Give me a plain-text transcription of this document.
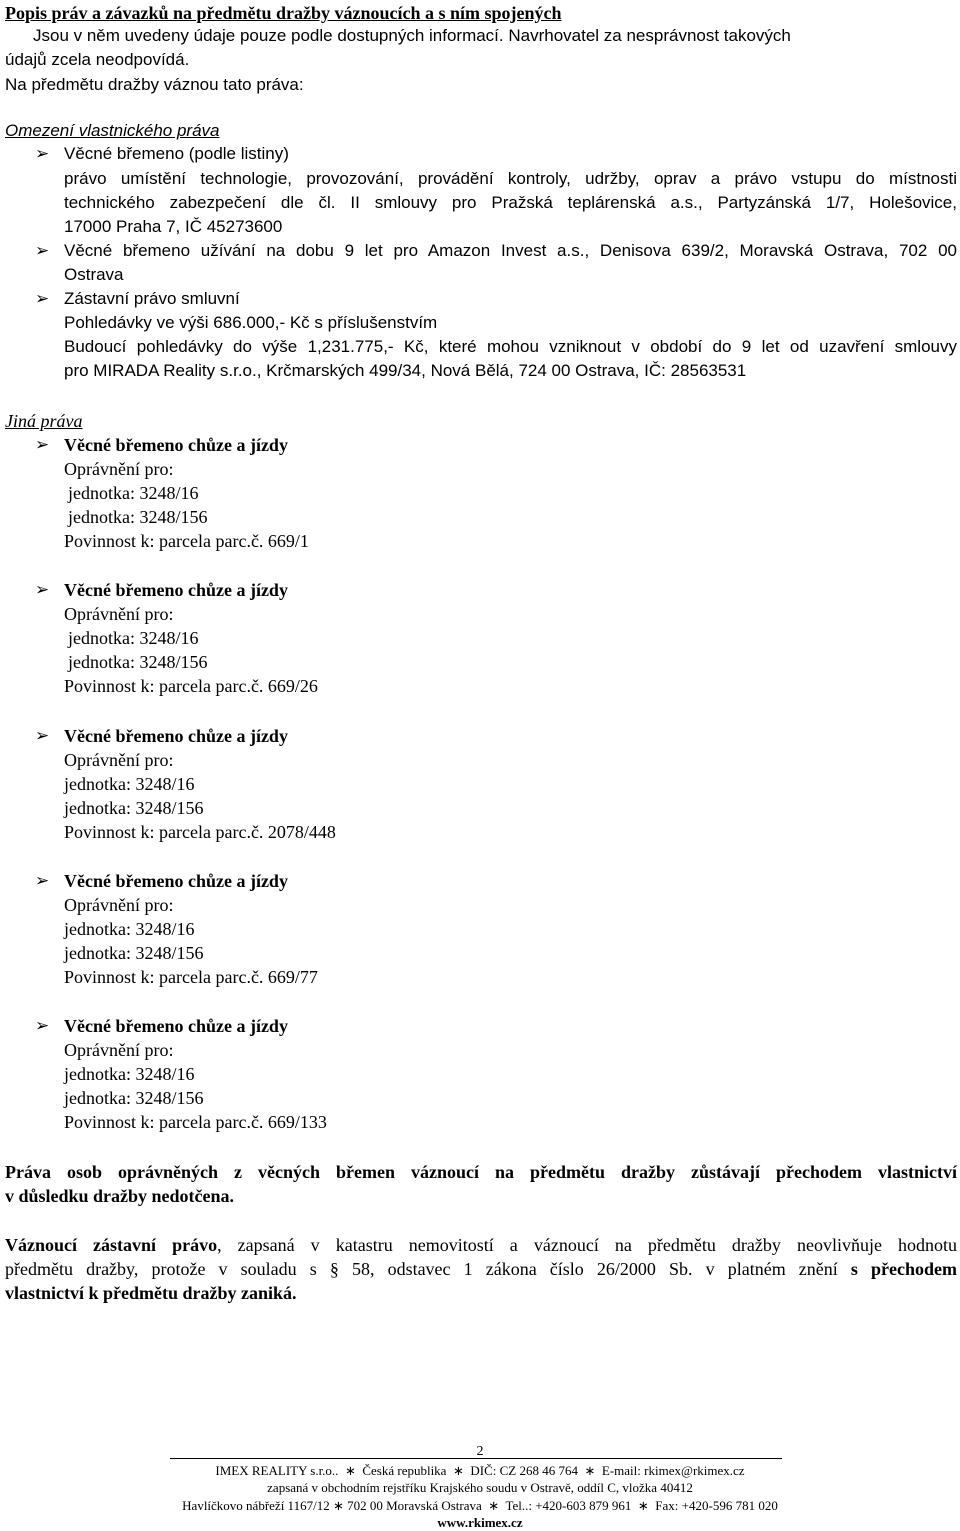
Popis práv a závazků na předmětu dražby váznoucích a s ním spojených
Jsou v něm uvedeny údaje pouze podle dostupných informací. Navrhovatel za nesprávnost takových
údajů zcela neodpovídá.
Na předmětu dražby váznou tato práva:
Omezení vlastnického práva
➢ Věcné břemeno (podle listiny)
právo umístění technologie, provozování, provádění kontroly, udržby, oprav a právo vstupu do místnosti
technického zabezpečení dle čl. II smlouvy pro Pražská teplárenská a.s., Partyzánská 1/7, Holešovice,
17000 Praha 7, IČ 45273600
➢ Věcné břemeno užívání na dobu 9 let pro Amazon Invest a.s., Denisova 639/2, Moravská Ostrava, 702 00
Ostrava
➢ Zástavní právo smluvní
Pohledávky ve výši 686.000,- Kč s příslušenstvím
Budoucí pohledávky do výše 1,231.775,- Kč, které mohou vzniknout v období do 9 let od uzavření smlouvy
pro MIRADA Reality s.r.o., Krčmarských 499/34, Nová Bělá, 724 00 Ostrava, IČ: 28563531
Jiná práva
➢ Věcné břemeno chůze a jízdy
Oprávnění pro:
jednotka: 3248/16
jednotka: 3248/156
Povinnost k: parcela parc.č. 669/1
➢ Věcné břemeno chůze a jízdy
Oprávnění pro:
jednotka: 3248/16
jednotka: 3248/156
Povinnost k: parcela parc.č. 669/26
➢ Věcné břemeno chůze a jízdy
Oprávnění pro:
jednotka: 3248/16
jednotka: 3248/156
Povinnost k: parcela parc.č. 2078/448
➢ Věcné břemeno chůze a jízdy
Oprávnění pro:
jednotka: 3248/16
jednotka: 3248/156
Povinnost k: parcela parc.č. 669/77
➢ Věcné břemeno chůze a jízdy
Oprávnění pro:
jednotka: 3248/16
jednotka: 3248/156
Povinnost k: parcela parc.č. 669/133
Práva osob oprávněných z věcných břemen váznoucí na předmětu dražby zůstávají přechodem vlastnictví
v důsledku dražby nedotčena.
Váznoucí zástavní právo, zapsaná v katastru nemovitostí a váznoucí na předmětu dražby neovlivňuje hodnotu
předmětu dražby, protože v souladu s § 58, odstavec 1 zákona číslo 26/2000 Sb. v platném znění s přechodem
vlastnictví k předmětu dražby zaniká.
2
IMEX REALITY s.r.o.. ∗ Česká republika ∗ DIČ: CZ 268 46 764 ∗ E-mail: rkimex@rkimex.cz
zapsaná v obchodním rejstříku Krajského soudu v Ostravě, oddíl C, vložka 40412
Havlíčkovo nábřeží 1167/12 ∗ 702 00 Moravská Ostrava ∗ Tel..: +420-603 879 961 ∗ Fax: +420-596 781 020
www.rkimex.cz
